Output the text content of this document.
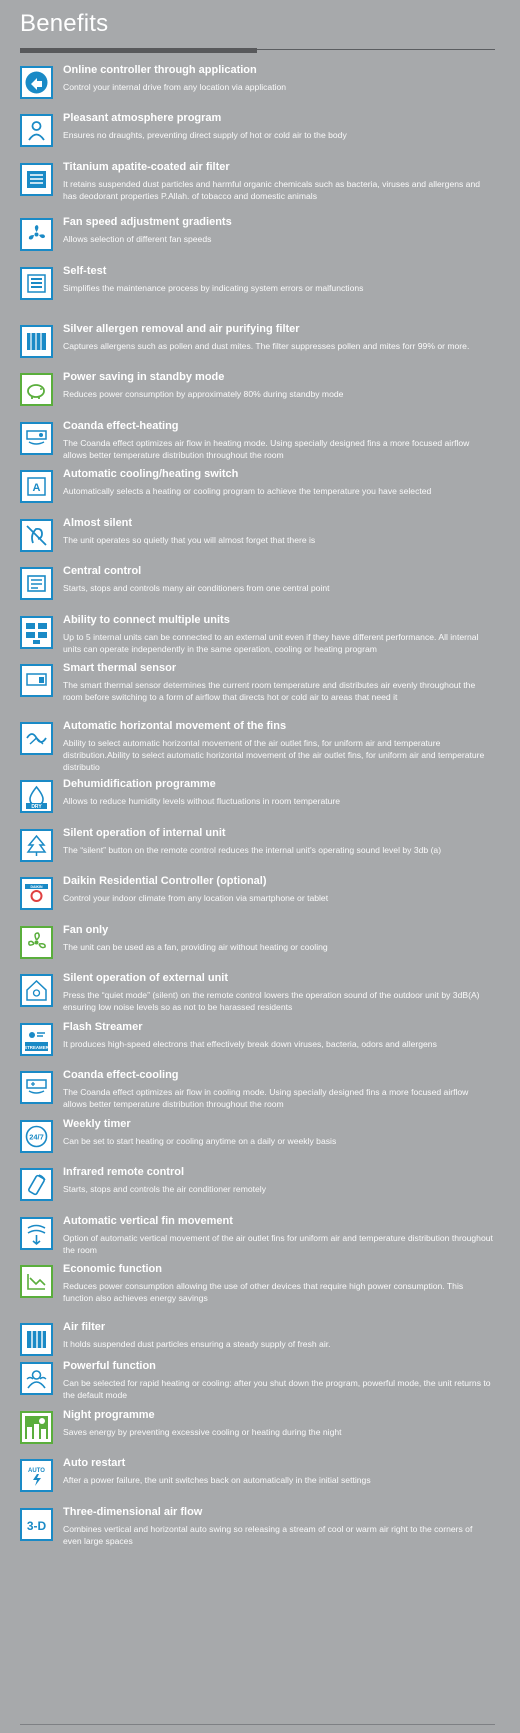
Benefits

Online controller through application

Control your internal drive from any location via application

Pleasant atmosphere program

Ensures no draughts, preventing direct supply of hot or cold air to the body

Titanium apatite-coated air filter

It retains suspended dust particles and harmful organic chemicals such as bacteria, viruses and allergens and has deodorant properties P.Allah. of tobacco and domestic animals

Fan speed adjustment gradients

Allows selection of different fan speeds

Self-test

Simplifies the maintenance process by indicating system errors or malfunctions

Silver allergen removal and air purifying filter

Captures allergens such as pollen and dust mites. The filter suppresses pollen and mites forr 99% or more.

Power saving in standby mode

Reduces power consumption by approximately 80% during standby mode

Coanda effect-heating

The Coanda effect optimizes air flow in heating mode. Using specially designed fins a more focused airflow allows better temperature distribution throughout the room

A

Automatic cooling/heating switch

Automatically selects a heating or cooling program to achieve the temperature you have selected

Almost silent

The unit operates so quietly that you will almost forget that there is

Central control

Starts, stops and controls many air conditioners from one central point

Ability to connect multiple units

Up to 5 internal units can be connected to an external unit even if they have different performance. All internal units can operate independently in the same operation, cooling or heating program

Smart thermal sensor

The smart thermal sensor determines the current room temperature and distributes air evenly throughout the room before switching to a form of airflow that directs hot or cold air to areas that need it

Automatic horizontal movement of the fins

Ability to select automatic horizontal movement of the air outlet fins, for uniform air and temperature distribution.Ability to select automatic horizontal movement of the air outlet fins, for uniform air and temperature distributio

DRY

Dehumidification programme

Allows to reduce humidity levels without fluctuations in room temperature

Silent operation of internal unit

The “silent” button on the remote control reduces the internal unit's operating sound level by 3db (a)

DAIKIN Daikin Residential Controller (optional)

Control your indoor climate from any location via smartphone or tablet

Fan only

The unit can be used as a fan, providing air without heating or cooling

Silent operation of external unit

Press the “quiet mode” (silent) on the remote control lowers the operation sound of the outdoor unit by 3dB(A) ensuring low noise levels so as not to be harassed residents

STREAMER

Flash Streamer

It produces high-speed electrons that effectively break down viruses, bacteria, odors and allergens

Coanda effect-cooling

The Coanda effect optimizes air flow in cooling mode. Using specially designed fins a more focused airflow allows better temperature distribution throughout the room

24/7

Weekly timer

Can be set to start heating or cooling anytime on a daily or weekly basis

Infrared remote control

Starts, stops and controls the air conditioner remotely

Automatic vertical fin movement

Option of automatic vertical movement of the air outlet fins for uniform air and temperature distribution throughout the room

Economic function

Reduces power consumption allowing the use of other devices that require high power consumption. This function also achieves energy savings

Air filter

It holds suspended dust particles ensuring a steady supply of fresh air.

Powerful function

Can be selected for rapid heating or cooling: after you shut down the program, powerful mode, the unit returns to the default mode

Night programme

Saves energy by preventing excessive cooling or heating during the night

AUTO

Auto restart

After a power failure, the unit switches back on automatically in the initial settings

3-D

Three-dimensional air flow

Combines vertical and horizontal auto swing so releasing a stream of cool or warm air right to the corners of even large spaces
